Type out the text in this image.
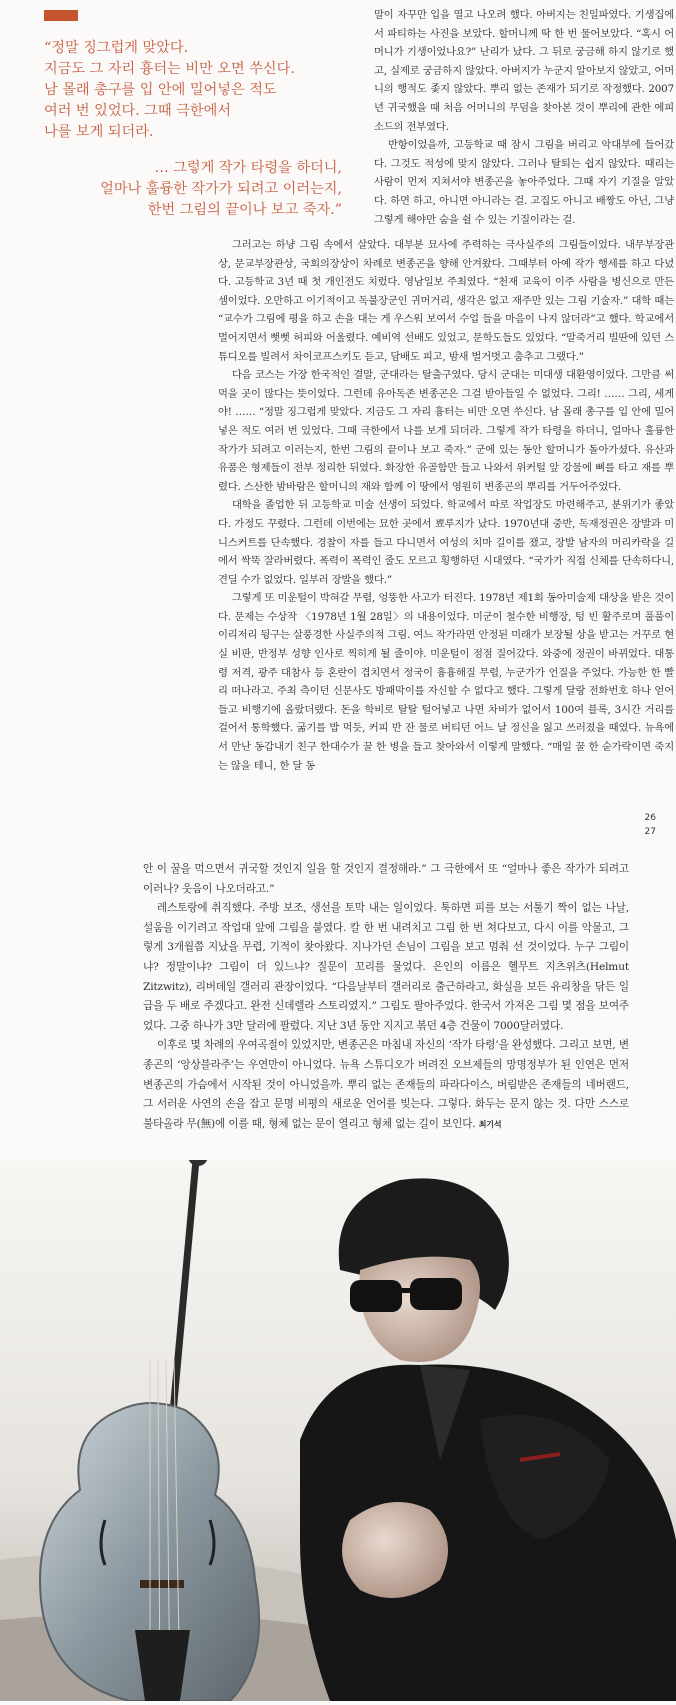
“정말 징그럽게 맞았다.
지금도 그 자리 흉터는 비만 오면 쑤신다.
남 몰래 총구를 입 안에 밀어넣은 적도
여러 번 있었다. 그때 극한에서
나를 보게 되더라.
… 그렇게 작가 타령을 하더니,
얼마나 훌륭한 작가가 되려고 이러는지,
한번 그림의 끝이나 보고 죽자.”

말이 자꾸만 입을 열고 나오려 했다. 아버지는 친일파였다. 기생집에서 파티하는 사진을 보았다. 할머니께 딱 한 번 물어보았다. “혹시 어머니가 기생이었나요?” 난리가 났다. 그 뒤로 궁금해 하지 않기로 했고, 실제로 궁금하지 않았다. 아버지가 누군지 알아보지 않았고, 어머니의 행적도 좇지 않았다. 뿌리 없는 존재가 되기로 작정했다. 2007년 귀국했을 때 처음 어머니의 무덤을 찾아본 것이 뿌리에 관한 에피소드의 전부였다.

반항이었을까, 고등학교 때 잠시 그림을 버리고 악대부에 들어갔다. 그것도 적성에 맞지 않았다. 그러나 탈퇴는 쉽지 않았다. 때리는 사람이 먼저 지쳐서야 변종곤을 놓아주었다. 그때 자기 기질을 알았다. 하면 하고, 아니면 아니라는 걸. 고집도 아니고 배짱도 아닌, 그냥 그렇게 해야만 숨을 쉴 수 있는 기질이라는 걸.

그러고는 하냥 그림 속에서 살았다. 대부분 묘사에 주력하는 극사실주의 그림들이었다. 내무부장관상, 문교부장관상, 국회의장상이 차례로 변종곤을 향해 안겨왔다. 그때부터 아예 작가 행세를 하고 다녔다. 고등학교 3년 때 첫 개인전도 치렀다. 영남일보 주최였다. “천재 교육이 이주 사람을 병신으로 만든 셈이었다. 오만하고 이기적이고 독불장군인 귀머거리, 생각은 없고 재주만 있는 그림 기술자.” 대학 때는 “교수가 그림에 평을 하고 손을 대는 게 우스워 보여서 수업 들을 마음이 나지 않더라”고 했다. 학교에서 멀어지면서 뻣뻣 허피와 어울렸다. 예비역 선배도 있었고, 문학도들도 있었다. “말죽거리 빌딴에 있던 스튜디오를 빌려서 차이코프스키도 듣고, 담배도 피고, 밤새 벌거벗고 춤추고 그랬다.”

다음 코스는 가장 한국적인 결말, 군대라는 탈출구였다. 당시 군대는 미대생 대환영이었다. 그만큼 써먹을 곳이 많다는 뜻이었다. 그런데 유아독존 변종곤은 그걸 받아들일 수 없었다. 그리! …… 그리, 세게야! …… “정말 징그럽게 맞았다. 지금도 그 자리 흉터는 비만 오면 쑤신다. 남 몰래 총구를 입 안에 밀어넣은 적도 여러 번 있었다. 그때 극한에서 나를 보게 되더라. 그렇게 작가 타령을 하더니, 얼마나 훌륭한 작가가 되려고 이러는지, 한번 그림의 끝이나 보고 죽자.” 군에 있는 동안 할머니가 돌아가셨다. 유산과 유품은 형제들이 전부 정리한 뒤였다. 화장한 유골함만 들고 나와서 위커털 앞 강물에 뼈를 타고 재를 뿌렸다. 스산한 밤바람은 할머니의 재와 함께 이 땅에서 영원히 변종곤의 뿌리를 거두어주었다.

대학을 졸업한 뒤 고등학교 미술 선생이 되었다. 학교에서 따로 작업장도 마련해주고, 분위기가 좋았다. 가정도 꾸렸다. 그런데 이번에는 묘한 곳에서 뾰루지가 났다. 1970년대 중반, 독재정권은 장발과 미니스커트를 단속했다. 경찰이 자를 들고 다니면서 여성의 치마 길이를 쟀고, 장발 남자의 머리카락을 길에서 싹뚝 잘라버렸다. 폭력이 폭력인 줄도 모르고 횡행하던 시대였다. “국가가 직접 신체를 단속하다니, 견딜 수가 없었다. 일부러 장발을 했다.”

그렇게 또 미운털이 박혀갈 무렵, 엉뚱한 사고가 터진다. 1978년 제1회 동아미술제 대상을 받은 것이다. 문제는 수상작 〈1978년 1월 28일〉의 내용이었다. 미군이 철수한 비행장, 텅 빈 활주로며 풀풀이 이리저리 뒹구는 살풍경한 사실주의적 그림. 여느 작가라면 안정된 미래가 보장될 상을 받고는 거꾸로 현실 비판, 반정부 성향 인사로 찍히게 될 줄이야. 미운털이 점점 질어갔다. 와중에 정권이 바뀌었다. 대통령 저격, 광주 대참사 등 혼란이 겹치면서 정국이 흉흉해질 무렵, 누군가가 언질을 주었다. 가능한 한 빨리 떠나라고. 주최 측이던 신문사도 방패막이를 자신할 수 없다고 했다. 그렇게 달랑 전화번호 하나 얻어 들고 비행기에 올랐더랬다. 돈을 학비로 탈탈 털어넣고 나면 차비가 없어서 100여 블록, 3시간 거리를 걸어서 통학했다. 굶기를 밥 먹듯, 커피 반 잔 물로 버티던 어느 날 정신을 잃고 쓰러졌을 때였다. 뉴욕에서 만난 동갑내기 친구 한대수가 꿀 한 병을 들고 찾아와서 이렇게 말했다. “매일 꿀 한 숟가락이면 죽지는 않을 테니, 한 달 동

26
27

안 이 꿀을 먹으면서 귀국할 것인지 일을 할 것인지 결정해라.” 그 극한에서 또 “얼마나 좋은 작가가 되려고 이러나? 웃음이 나오더라고.”

레스토랑에 취직했다. 주방 보조, 생선을 토막 내는 일이었다. 툭하면 피를 보는 서툴기 짝이 없는 나날, 설움을 이기려고 작업대 앞에 그림을 붙였다. 칼 한 번 내려치고 그림 한 번 쳐다보고, 다시 이를 악물고, 그렇게 3개월쯤 지났을 무렵, 기적이 찾아왔다. 지나가던 손님이 그림을 보고 멈춰 선 것이었다. 누구 그림이냐? 정말이냐? 그림이 더 있느냐? 질문이 꼬리를 물었다. 은인의 이름은 헬무트 지츠위츠(Helmut Zitzwitz), 리버데일 갤러리 관장이었다. “다음날부터 갤러리로 출근하라고, 화실을 보든 유리창을 닦든 일급을 두 배로 주겠다고. 완전 신데렐라 스토리였지.” 그림도 팔아주었다. 한국서 가져온 그림 몇 점을 보여주었다. 그중 하나가 3만 달러에 팔렸다. 지난 3년 동안 지지고 볶던 4층 건물이 7000달러였다.

이후로 몇 차례의 우여곡절이 있었지만, 변종곤은 마침내 자신의 ‘작가 타령’을 완성했다. 그리고 보면, 변종곤의 ‘앙상블라주’는 우연만이 아니었다. 뉴욕 스튜디오가 버려진 오브제들의 망명정부가 된 인연은 먼저 변종곤의 가슴에서 시작된 것이 아니었을까. 뿌리 없는 존재들의 파라다이스, 버림받은 존재들의 네버랜드, 그 서러운 사연의 손을 잡고 문명 비평의 새로운 언어를 빚는다. 그렇다. 화두는 문지 않는 것. 다만 스스로 불타올라 무(無)에 이를 때, 형체 없는 문이 열리고 형체 없는 길이 보인다. 최기석
